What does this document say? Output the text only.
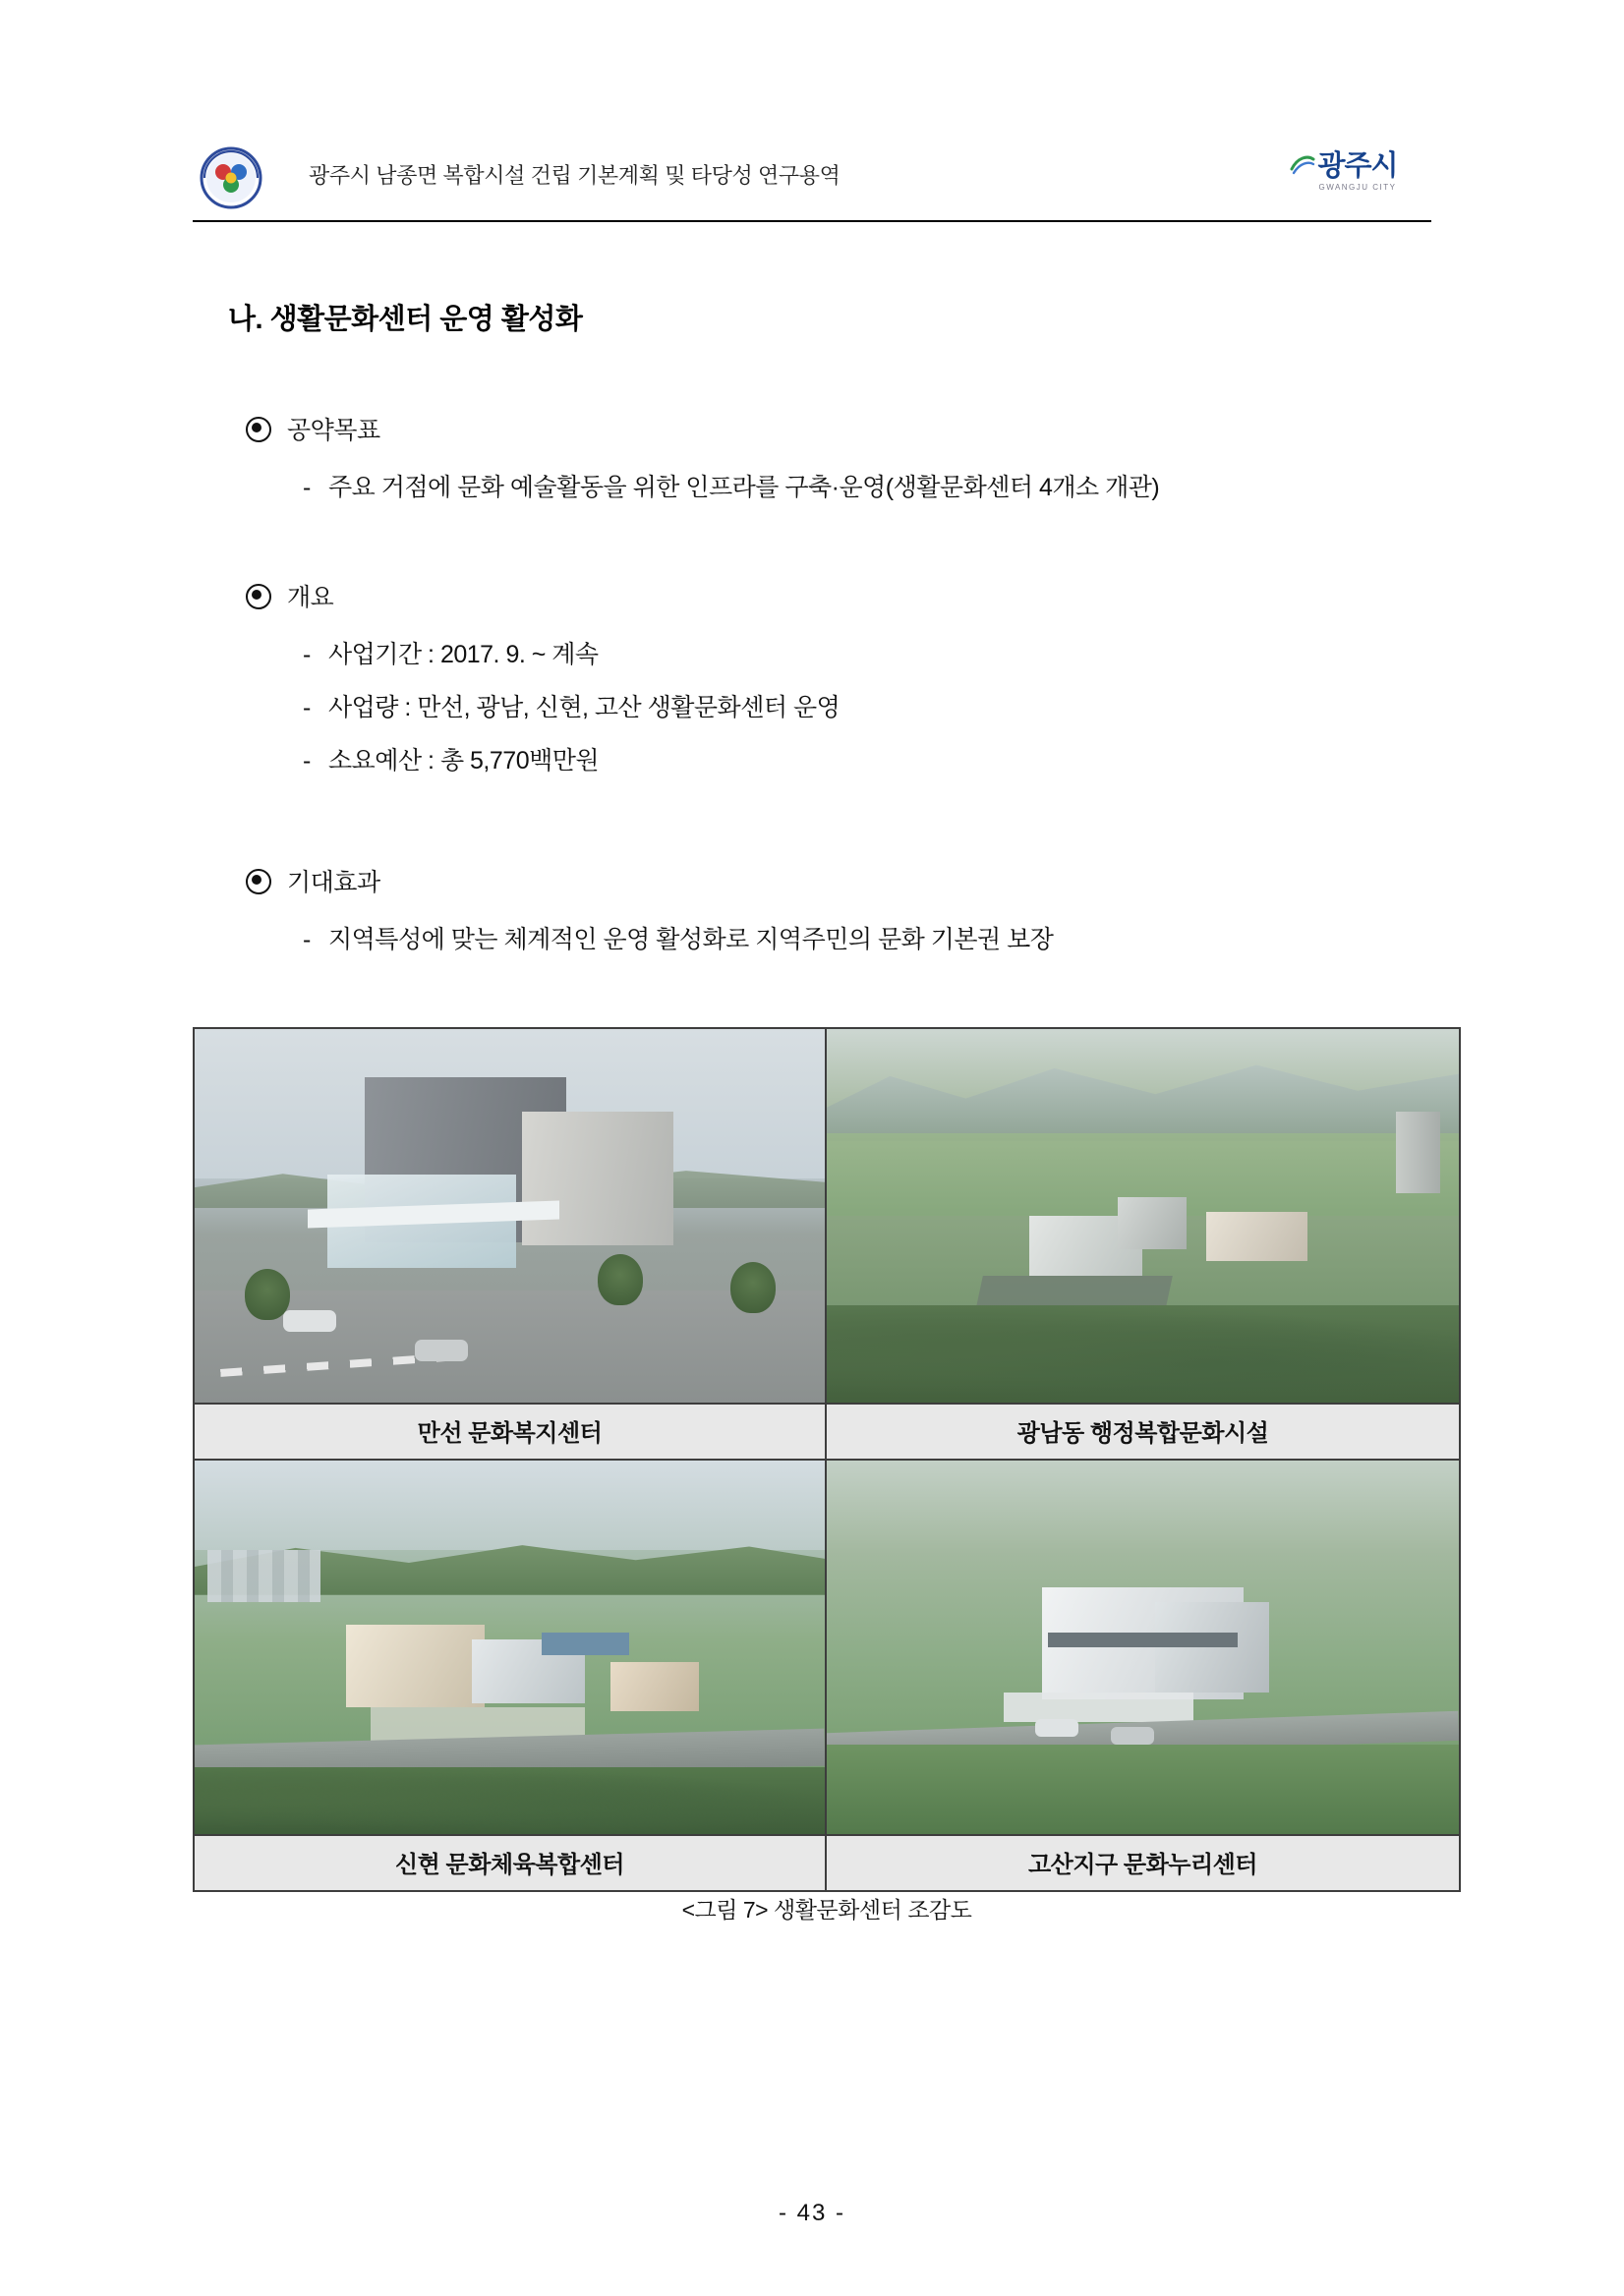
광주시 남종면 복합시설 건립 기본계획 및 타당성 연구용역	광주시
GWANGJU CITY
나. 생활문화센터 운영 활성화
공약목표
- 주요 거점에 문화 예술활동을 위한 인프라를 구축·운영(생활문화센터 4개소 개관)
개요
- 사업기간 : 2017. 9. ~ 계속
- 사업량 : 만선, 광남, 신현, 고산 생활문화센터 운영
- 소요예산 : 총 5,770백만원
기대효과
- 지역특성에 맞는 체계적인 운영 활성화로 지역주민의 문화 기본권 보장
만선 문화복지센터	광남동 행정복합문화시설
신현 문화체육복합센터	고산지구 문화누리센터
<그림 7> 생활문화센터 조감도
- 43 -
